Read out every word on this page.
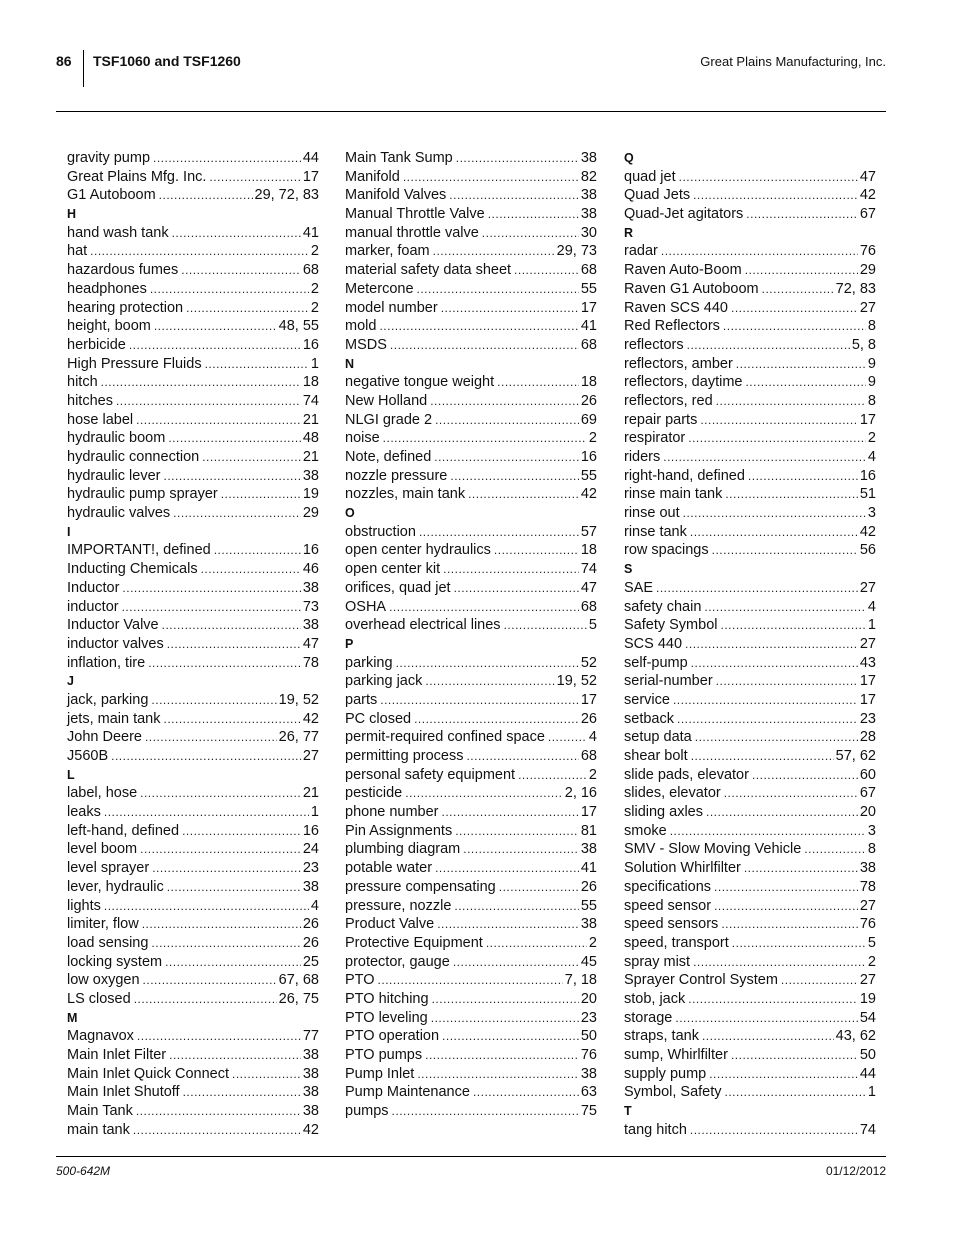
86 TSF1060 and TSF1260	Great Plains Manufacturing, Inc.
gravity pump .....	44
Great Plains Mfg. Inc. .....	17
G1 Autoboom .....	29, 72, 83
H
hand wash tank .....	41
hat .....	2
hazardous fumes .....	68
headphones .....	2
hearing protection .....	2
height, boom .....	48, 55
herbicide .....	16
High Pressure Fluids .....	1
hitch .....	18
hitches .....	74
hose label .....	21
hydraulic boom .....	48
hydraulic connection .....	21
hydraulic lever .....	38
hydraulic pump sprayer .....	19
hydraulic valves .....	29
I
IMPORTANT!, defined .....	16
Inducting Chemicals .....	46
Inductor .....	38
inductor .....	73
Inductor Valve .....	38
inductor valves .....	47
inflation, tire .....	78
J
jack, parking .....	19, 52
jets, main tank .....	42
John Deere .....	26, 77
J560B .....	27
L
label, hose .....	21
leaks .....	1
left-hand, defined .....	16
level boom .....	24
level sprayer .....	23
lever, hydraulic .....	38
lights .....	4
limiter, flow .....	26
load sensing .....	26
locking system .....	25
low oxygen .....	67, 68
LS closed .....	26, 75
M
Magnavox .....	77
Main Inlet Filter .....	38
Main Inlet Quick Connect .....	38
Main Inlet Shutoff .....	38
Main Tank .....	38
main tank .....	42
Main Tank Sump .....	38
Manifold .....	82
Manifold Valves .....	38
Manual Throttle Valve .....	38
manual throttle valve .....	30
marker, foam .....	29, 73
material safety data sheet .....	68
Metercone .....	55
model number .....	17
mold .....	41
MSDS .....	68
N
negative tongue weight .....	18
New Holland .....	26
NLGI grade 2 .....	69
noise .....	2
Note, defined .....	16
nozzle pressure .....	55
nozzles, main tank .....	42
O
obstruction .....	57
open center hydraulics .....	18
open center kit .....	74
orifices, quad jet .....	47
OSHA .....	68
overhead electrical lines .....	5
P
parking .....	52
parking jack .....	19, 52
parts .....	17
PC closed .....	26
permit-required confined space .....	4
permitting process .....	68
personal safety equipment .....	2
pesticide .....	2, 16
phone number .....	17
Pin Assignments .....	81
plumbing diagram .....	38
potable water .....	41
pressure compensating .....	26
pressure, nozzle .....	55
Product Valve .....	38
Protective Equipment .....	2
protector, gauge .....	45
PTO .....	7, 18
PTO hitching .....	20
PTO leveling .....	23
PTO operation .....	50
PTO pumps .....	76
Pump Inlet .....	38
Pump Maintenance .....	63
pumps .....	75
Q
quad jet .....	47
Quad Jets .....	42
Quad-Jet agitators .....	67
R
radar .....	76
Raven Auto-Boom .....	29
Raven G1 Autoboom .....	72, 83
Raven SCS 440 .....	27
Red Reflectors .....	8
reflectors .....	5, 8
reflectors, amber .....	9
reflectors, daytime .....	9
reflectors, red .....	8
repair parts .....	17
respirator .....	2
riders .....	4
right-hand, defined .....	16
rinse main tank .....	51
rinse out .....	3
rinse tank .....	42
row spacings .....	56
S
SAE .....	27
safety chain .....	4
Safety Symbol .....	1
SCS 440 .....	27
self-pump .....	43
serial-number .....	17
service .....	17
setback .....	23
setup data .....	28
shear bolt .....	57, 62
slide pads, elevator .....	60
slides, elevator .....	67
sliding axles .....	20
smoke .....	3
SMV - Slow Moving Vehicle .....	8
Solution Whirlfilter .....	38
specifications .....	78
speed sensor .....	27
speed sensors .....	76
speed, transport .....	5
spray mist .....	2
Sprayer Control System .....	27
stob, jack .....	19
storage .....	54
straps, tank .....	43, 62
sump, Whirlfilter .....	50
supply pump .....	44
Symbol, Safety .....	1
T
tang hitch .....	74
500-642M	01/12/2012
